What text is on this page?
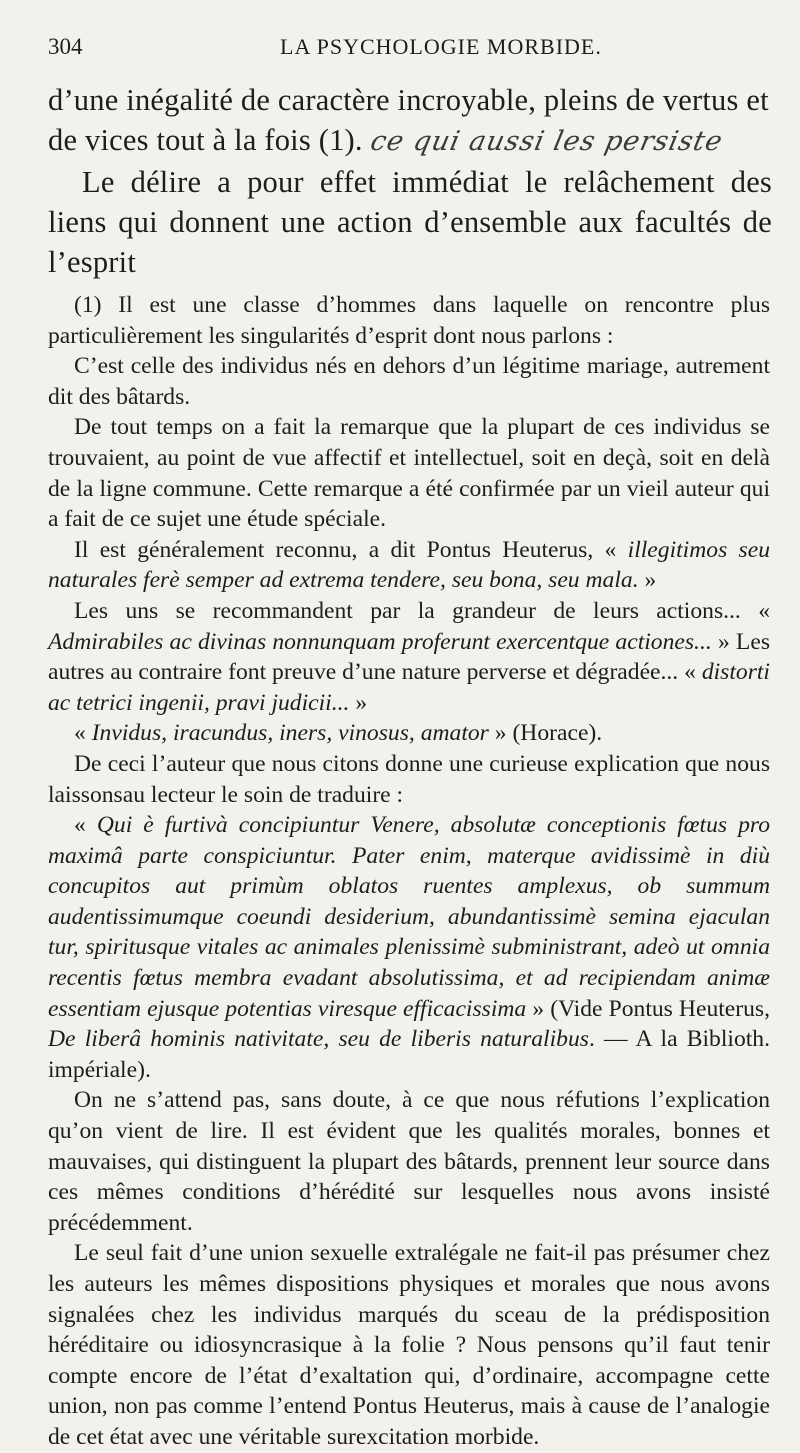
304	LA PSYCHOLOGIE MORBIDE.

d’une inégalité de caractère incroyable, pleins de vertus et

de vices tout à la fois (1). ce qui aussi les persiste

Le délire a pour effet immédiat le relâchement des liens qui donnent une action d’ensemble aux facultés de l’esprit

(1) Il est une classe d’hommes dans laquelle on rencontre plus particulièrement les singularités d’esprit dont nous parlons :

C’est celle des individus nés en dehors d’un légitime mariage, autrement dit des bâtards.

De tout temps on a fait la remarque que la plupart de ces individus se trouvaient, au point de vue affectif et intellectuel, soit en deçà, soit en delà de la ligne commune. Cette remarque a été confirmée par un vieil auteur qui a fait de ce sujet une étude spéciale.

Il est généralement reconnu, a dit Pontus Heuterus, « illegitimos seu naturales ferè semper ad extrema tendere, seu bona, seu mala. »

Les uns se recommandent par la grandeur de leurs actions... « Admirabiles ac divinas nonnunquam proferunt exercentque actiones... » Les autres au contraire font preuve d’une nature perverse et dégradée... « distorti ac tetrici ingenii, pravi judicii... »

« Invidus, iracundus, iners, vinosus, amator » (Horace).

De ceci l’auteur que nous citons donne une curieuse explication que nous laissonsau lecteur le soin de traduire :

« Qui è furtivà concipiuntur Venere, absolutæ conceptionis fœtus pro maximâ parte conspiciuntur. Pater enim, materque avidissimè in diù concupitos aut primùm oblatos ruentes amplexus, ob summum audentissimumque coeundi desiderium, abundantissimè semina ejaculan tur, spiritusque vitales ac animales plenissimè subministrant, adeò ut omnia recentis fœtus membra evadant absolutissima, et ad recipiendam animæ essentiam ejusque potentias viresque efficacissima » (Vide Pontus Heuterus, De liberâ hominis nativitate, seu de liberis naturalibus. — A la Biblioth. impériale).

On ne s’attend pas, sans doute, à ce que nous réfutions l’explication qu’on vient de lire. Il est évident que les qualités morales, bonnes et mauvaises, qui distinguent la plupart des bâtards, prennent leur source dans ces mêmes conditions d’hérédité sur lesquelles nous avons insisté précédemment.

Le seul fait d’une union sexuelle extralégale ne fait-il pas présumer chez les auteurs les mêmes dispositions physiques et morales que nous avons signalées chez les individus marqués du sceau de la prédisposition héréditaire ou idiosyncrasique à la folie ? Nous pensons qu’il faut tenir compte encore de l’état d’exaltation qui, d’ordinaire, accompagne cette union, non pas comme l’entend Pontus Heuterus, mais à cause de l’analogie de cet état avec une véritable surexcitation morbide.
